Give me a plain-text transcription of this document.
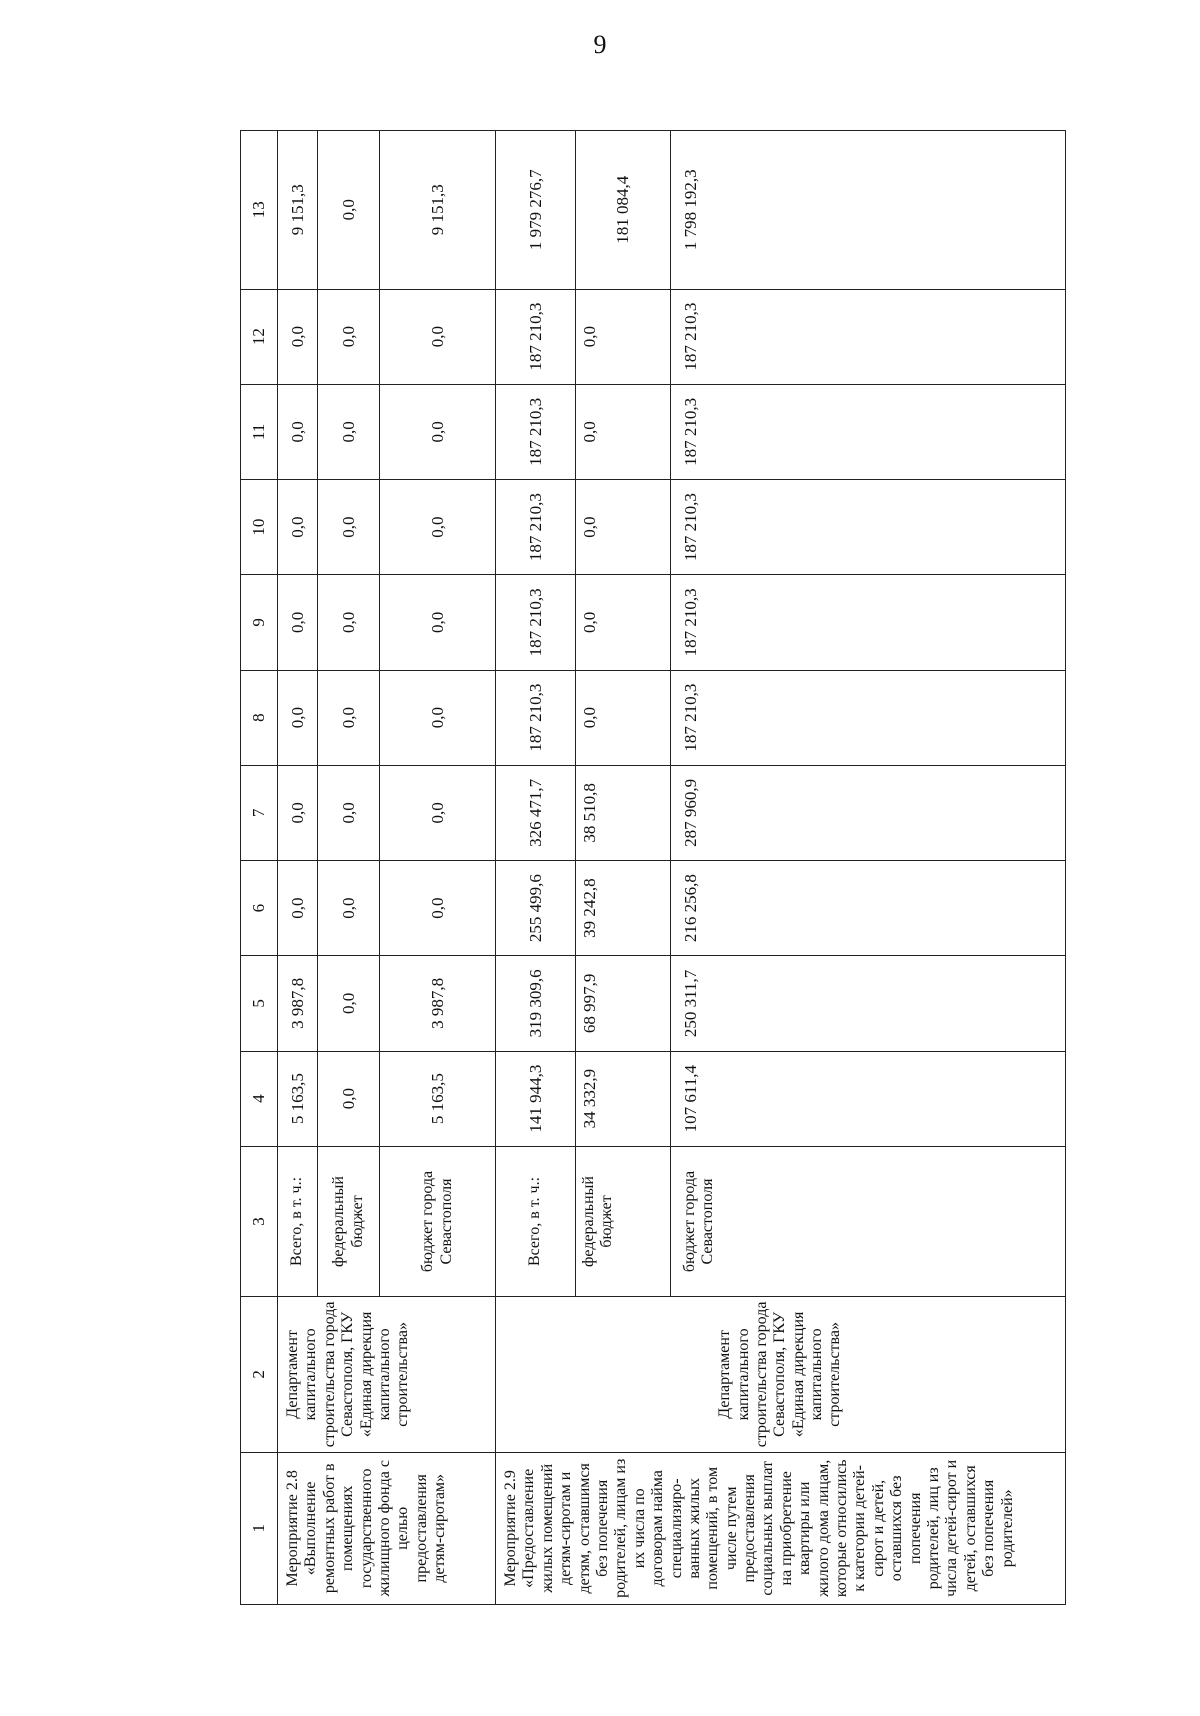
9
1	2	3	4	5	6	7	8	9	10	11	12	13
Мероприятие 2.8 «Выполнение ремонтных работ в помещениях государственного жилищного фонда с целью предоставления детям-сиротам»	Департамент капитального строительства города Севастополя, ГКУ «Единая дирекция капитального строительства»	Всего, в т. ч.:	5 163,5	3 987,8	0,0	0,0	0,0	0,0	0,0	0,0	0,0	9 151,3
		федеральный бюджет	0,0	0,0	0,0	0,0	0,0	0,0	0,0	0,0	0,0	0,0
		бюджет города Севастополя	5 163,5	3 987,8	0,0	0,0	0,0	0,0	0,0	0,0	0,0	9 151,3
Мероприятие 2.9 «Предоставление жилых помещений детям-сиротам и детям, оставшимся без попечения родителей, лицам из их числа по договорам найма специализиро-ванных жилых помещений, в том числе путем предоставления социальных выплат на приобретение квартиры или жилого дома лицам, которые относились к категории детей-сирот и детей, оставшихся без попечения родителей, лиц из числа детей-сирот и детей, оставшихся без попечения родителей»	Департамент капитального строительства города Севастополя, ГКУ «Единая дирекция капитального строительства»	Всего, в т. ч.:	141 944,3	319 309,6	255 499,6	326 471,7	187 210,3	187 210,3	187 210,3	187 210,3	187 210,3	1 979 276,7
		федеральный бюджет	34 332,9	68 997,9	39 242,8	38 510,8	0,0	0,0	0,0	0,0	0,0	181 084,4
		бюджет города Севастополя	107 611,4	250 311,7	216 256,8	287 960,9	187 210,3	187 210,3	187 210,3	187 210,3	187 210,3	1 798 192,3
